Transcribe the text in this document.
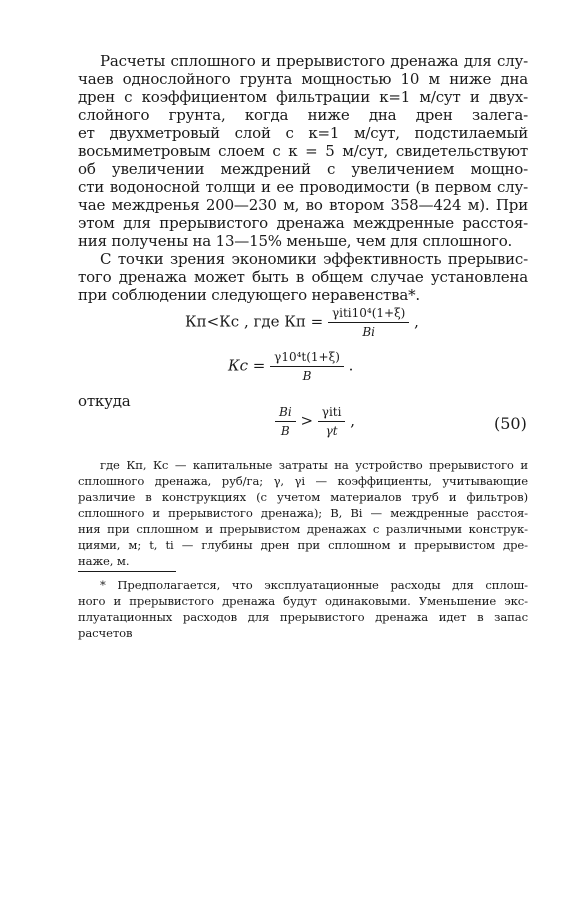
Расчеты сплошного и прерывистого дренажа для слу-
чаев однослойного грунта мощностью 10 м ниже дна
дрен с коэффициентом фильтрации к=1 м/сут и двух-
слойного грунта, когда ниже дна дрен залега-
ет двухметровый слой с к=1 м/сут, подстилаемый
восьмиметровым слоем с к = 5 м/сут, свидетельствуют
об увеличении междрений с увеличением мощно-
сти водоносной толщи и ее проводимости (в первом слу-
чае междренья 200—230 м, во втором 358—424 м). При
этом для прерывистого дренажа междренные расстоя-
ния получены на 13—15% меньше, чем для сплошного.
С точки зрения экономики эффективность прерывис-
того дренажа может быть в общем случае установлена
при соблюдении следующего неравенства*.
Кп<Кс , где Кп = $\frac{\text{γiti10⁴(1+ξ)}}{Bi}$ ,
Кс = $\frac{\text{γ10⁴t(1+ξ)}}{B}$ .
откуда
$\frac{Bi}{B} > \frac{\text{γiti}}{\gamma t}$ ,	(50)
где Кп, Кс — капитальные затраты на устройство прерывистого и
сплошного дренажа, руб/га; γ, γi — коэффициенты, учитывающие
различие в конструкциях (с учетом материалов труб и фильтров)
сплошного и прерывистого дренажа); B, Bi — междренные расстоя-
ния при сплошном и прерывистом дренажах с различными конструк-
циями, м; t, ti — глубины дрен при сплошном и прерывистом дре-
наже, м.
* Предполагается, что эксплуатационные расходы для сплош-
ного и прерывистого дренажа будут одинаковыми. Уменьшение экс-
плуатационных расходов для прерывистого дренажа идет в запас
расчетов
